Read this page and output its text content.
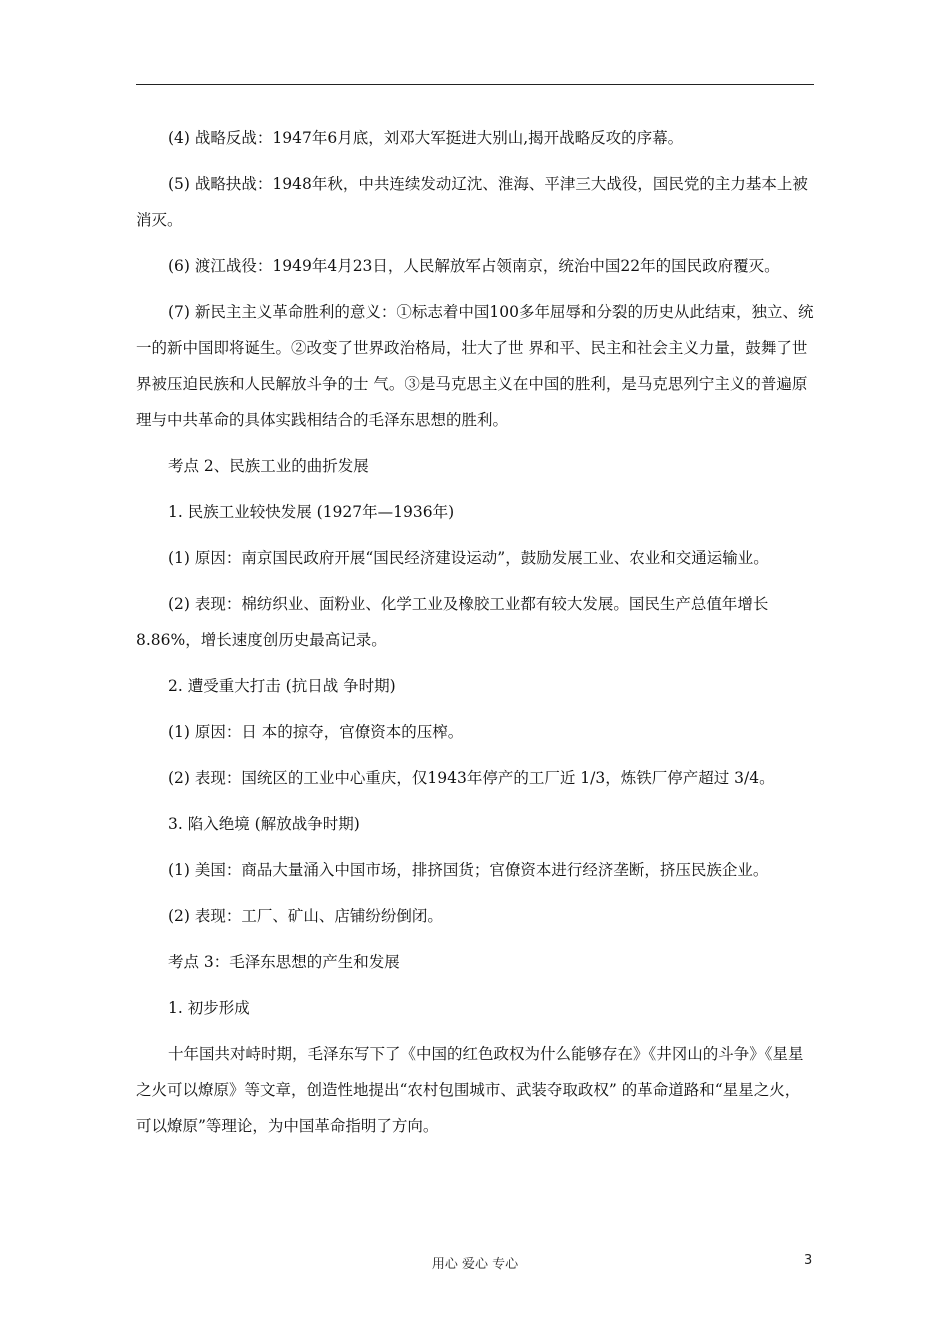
(4) 战略反战：1947年6月底，刘邓大军挺进大别山,揭开战略反攻的序幕。

(5) 战略抉战：1948年秋，中共连续发动辽沈、淮海、平津三大战役，国民党的主力基本上被消灭。

(6) 渡江战役：1949年4月23日，人民解放军占领南京，统治中国22年的国民政府覆灭。

(7) 新民主主义革命胜利的意义：①标志着中国100多年屈辱和分裂的历史从此结束，独立、统一的新中国即将诞生。②改变了世界政治格局，壮大了世 界和平、民主和社会主义力量，鼓舞了世界被压迫民族和人民解放斗争的士 气。③是马克思主义在中国的胜利，是马克思列宁主义的普遍原理与中共革命的具体实践相结合的毛泽东思想的胜利。

考点 2、民族工业的曲折发展

1. 民族工业较快发展 (1927年—1936年)

(1) 原因：南京国民政府开展“国民经济建设运动”，鼓励发展工业、农业和交通运输业。

(2) 表现：棉纺织业、面粉业、化学工业及橡胶工业都有较大发展。国民生产总值年增长8.86%，增长速度创历史最高记录。

2. 遭受重大打击 (抗日战 争时期)

(1) 原因：日 本的掠夺，官僚资本的压榨。

(2) 表现：国统区的工业中心重庆，仅1943年停产的工厂近 1/3，炼铁厂停产超过 3/4。

3. 陷入绝境 (解放战争时期)

(1) 美国：商品大量涌入中国市场，排挤国货；官僚资本进行经济垄断，挤压民族企业。

(2) 表现：工厂、矿山、店铺纷纷倒闭。

考点 3：毛泽东思想的产生和发展

1. 初步形成

十年国共对峙时期，毛泽东写下了《中国的红色政权为什么能够存在》《井冈山的斗争》《星星之火可以燎原》等文章，创造性地提出“农村包围城市、武装夺取政权” 的革命道路和“星星之火，可以燎原”等理论，为中国革命指明了方向。

用心 爱心 专心	3
